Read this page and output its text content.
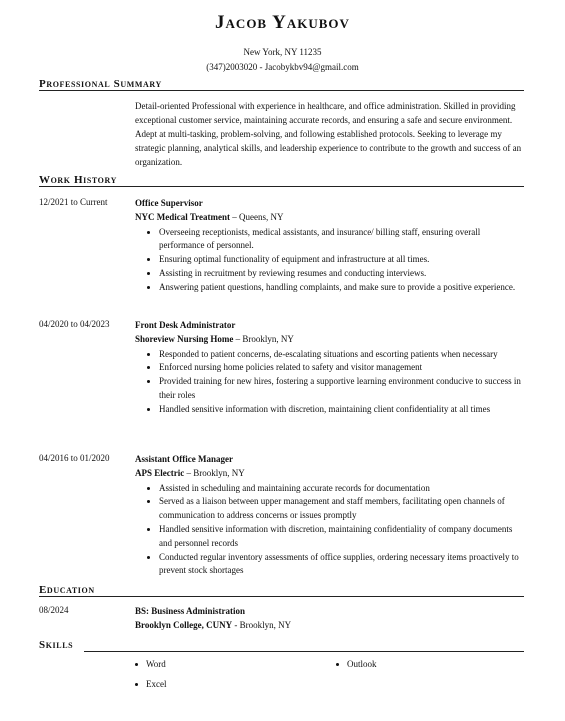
Jacob Yakubov
New York, NY 11235
(347)2003020 - Jacobykbv94@gmail.com
Professional Summary
Detail-oriented Professional with experience in healthcare, and office administration. Skilled in providing exceptional customer service, maintaining accurate records, and ensuring a safe and secure environment. Adept at multi-tasking, problem-solving, and following established protocols. Seeking to leverage my strategic planning, analytical skills, and leadership experience to contribute to the growth and success of an organization.
Work History
12/2021 to Current	Office Supervisor
NYC Medical Treatment – Queens, NY
• Overseeing receptionists, medical assistants, and insurance/ billing staff, ensuring overall performance of personnel.
• Ensuring optimal functionality of equipment and infrastructure at all times.
• Assisting in recruitment by reviewing resumes and conducting interviews.
• Answering patient questions, handling complaints, and make sure to provide a positive experience.
04/2020 to 04/2023	Front Desk Administrator
Shoreview Nursing Home – Brooklyn, NY
• Responded to patient concerns, de-escalating situations and escorting patients when necessary
• Enforced nursing home policies related to safety and visitor management
• Provided training for new hires, fostering a supportive learning environment conducive to success in their roles
• Handled sensitive information with discretion, maintaining client confidentiality at all times
04/2016 to 01/2020	Assistant Office Manager
APS Electric – Brooklyn, NY
• Assisted in scheduling and maintaining accurate records for documentation
• Served as a liaison between upper management and staff members, facilitating open channels of communication to address concerns or issues promptly
• Handled sensitive information with discretion, maintaining confidentiality of company documents and personnel records
• Conducted regular inventory assessments of office supplies, ordering necessary items proactively to prevent stock shortages
Education
08/2024	BS: Business Administration
Brooklyn College, CUNY - Brooklyn, NY
Skills
Word	Outlook
Excel
